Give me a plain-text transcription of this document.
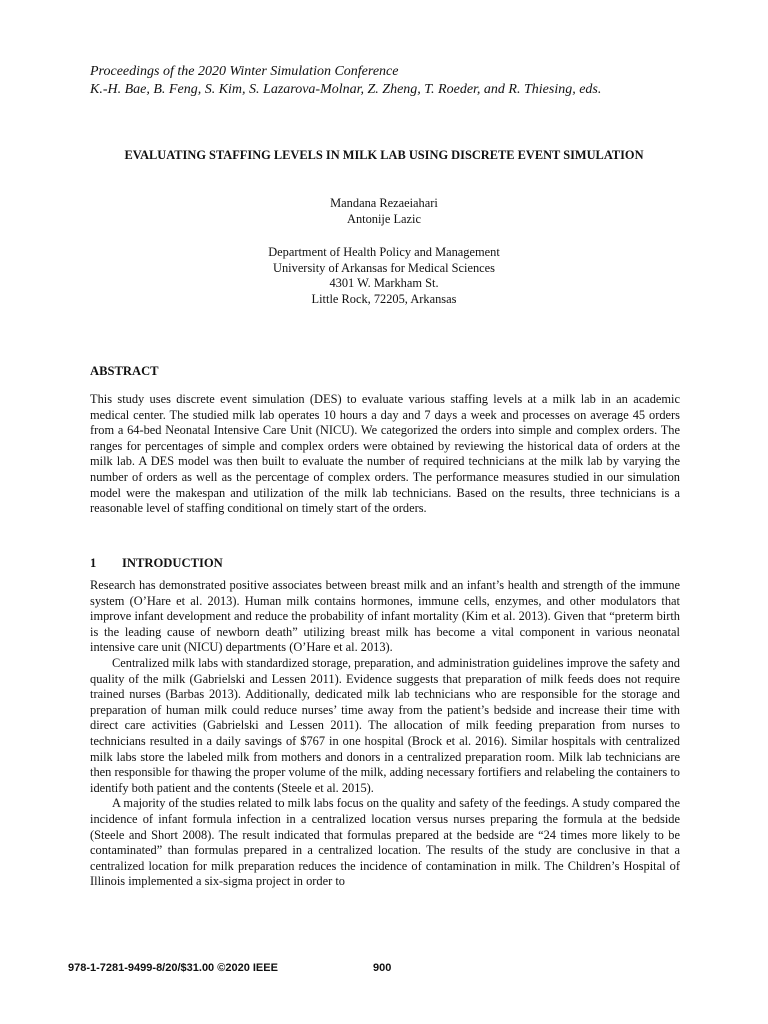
Proceedings of the 2020 Winter Simulation Conference
K.-H. Bae, B. Feng, S. Kim, S. Lazarova-Molnar, Z. Zheng, T. Roeder, and R. Thiesing, eds.
EVALUATING STAFFING LEVELS IN MILK LAB USING DISCRETE EVENT SIMULATION
Mandana Rezaeiahari
Antonije Lazic
Department of Health Policy and Management
University of Arkansas for Medical Sciences
4301 W. Markham St.
Little Rock, 72205, Arkansas
ABSTRACT

This study uses discrete event simulation (DES) to evaluate various staffing levels at a milk lab in an academic medical center. The studied milk lab operates 10 hours a day and 7 days a week and processes on average 45 orders from a 64-bed Neonatal Intensive Care Unit (NICU). We categorized the orders into simple and complex orders. The ranges for percentages of simple and complex orders were obtained by reviewing the historical data of orders at the milk lab. A DES model was then built to evaluate the number of required technicians at the milk lab by varying the number of orders as well as the percentage of complex orders. The performance measures studied in our simulation model were the makespan and utilization of the milk lab technicians. Based on the results, three technicians is a reasonable level of staffing conditional on timely start of the orders.

1 INTRODUCTION

Research has demonstrated positive associates between breast milk and an infant’s health and strength of the immune system (O’Hare et al. 2013). Human milk contains hormones, immune cells, enzymes, and other modulators that improve infant development and reduce the probability of infant mortality (Kim et al. 2013). Given that “preterm birth is the leading cause of newborn death” utilizing breast milk has become a vital component in various neonatal intensive care unit (NICU) departments (O’Hare et al. 2013).

Centralized milk labs with standardized storage, preparation, and administration guidelines improve the safety and quality of the milk (Gabrielski and Lessen 2011). Evidence suggests that preparation of milk feeds does not require trained nurses (Barbas 2013). Additionally, dedicated milk lab technicians who are responsible for the storage and preparation of human milk could reduce nurses’ time away from the patient’s bedside and increase their time with direct care activities (Gabrielski and Lessen 2011). The allocation of milk feeding preparation from nurses to technicians resulted in a daily savings of $767 in one hospital (Brock et al. 2016). Similar hospitals with centralized milk labs store the labeled milk from mothers and donors in a centralized preparation room. Milk lab technicians are then responsible for thawing the proper volume of the milk, adding necessary fortifiers and relabeling the containers to identify both patient and the contents (Steele et al. 2015).

A majority of the studies related to milk labs focus on the quality and safety of the feedings. A study compared the incidence of infant formula infection in a centralized location versus nurses preparing the formula at the bedside (Steele and Short 2008). The result indicated that formulas prepared at the bedside are “24 times more likely to be contaminated” than formulas prepared in a centralized location. The results of the study are conclusive in that a centralized location for milk preparation reduces the incidence of contamination in milk. The Children’s Hospital of Illinois implemented a six-sigma project in order to

978-1-7281-9499-8/20/$31.00 ©2020 IEEE	900
